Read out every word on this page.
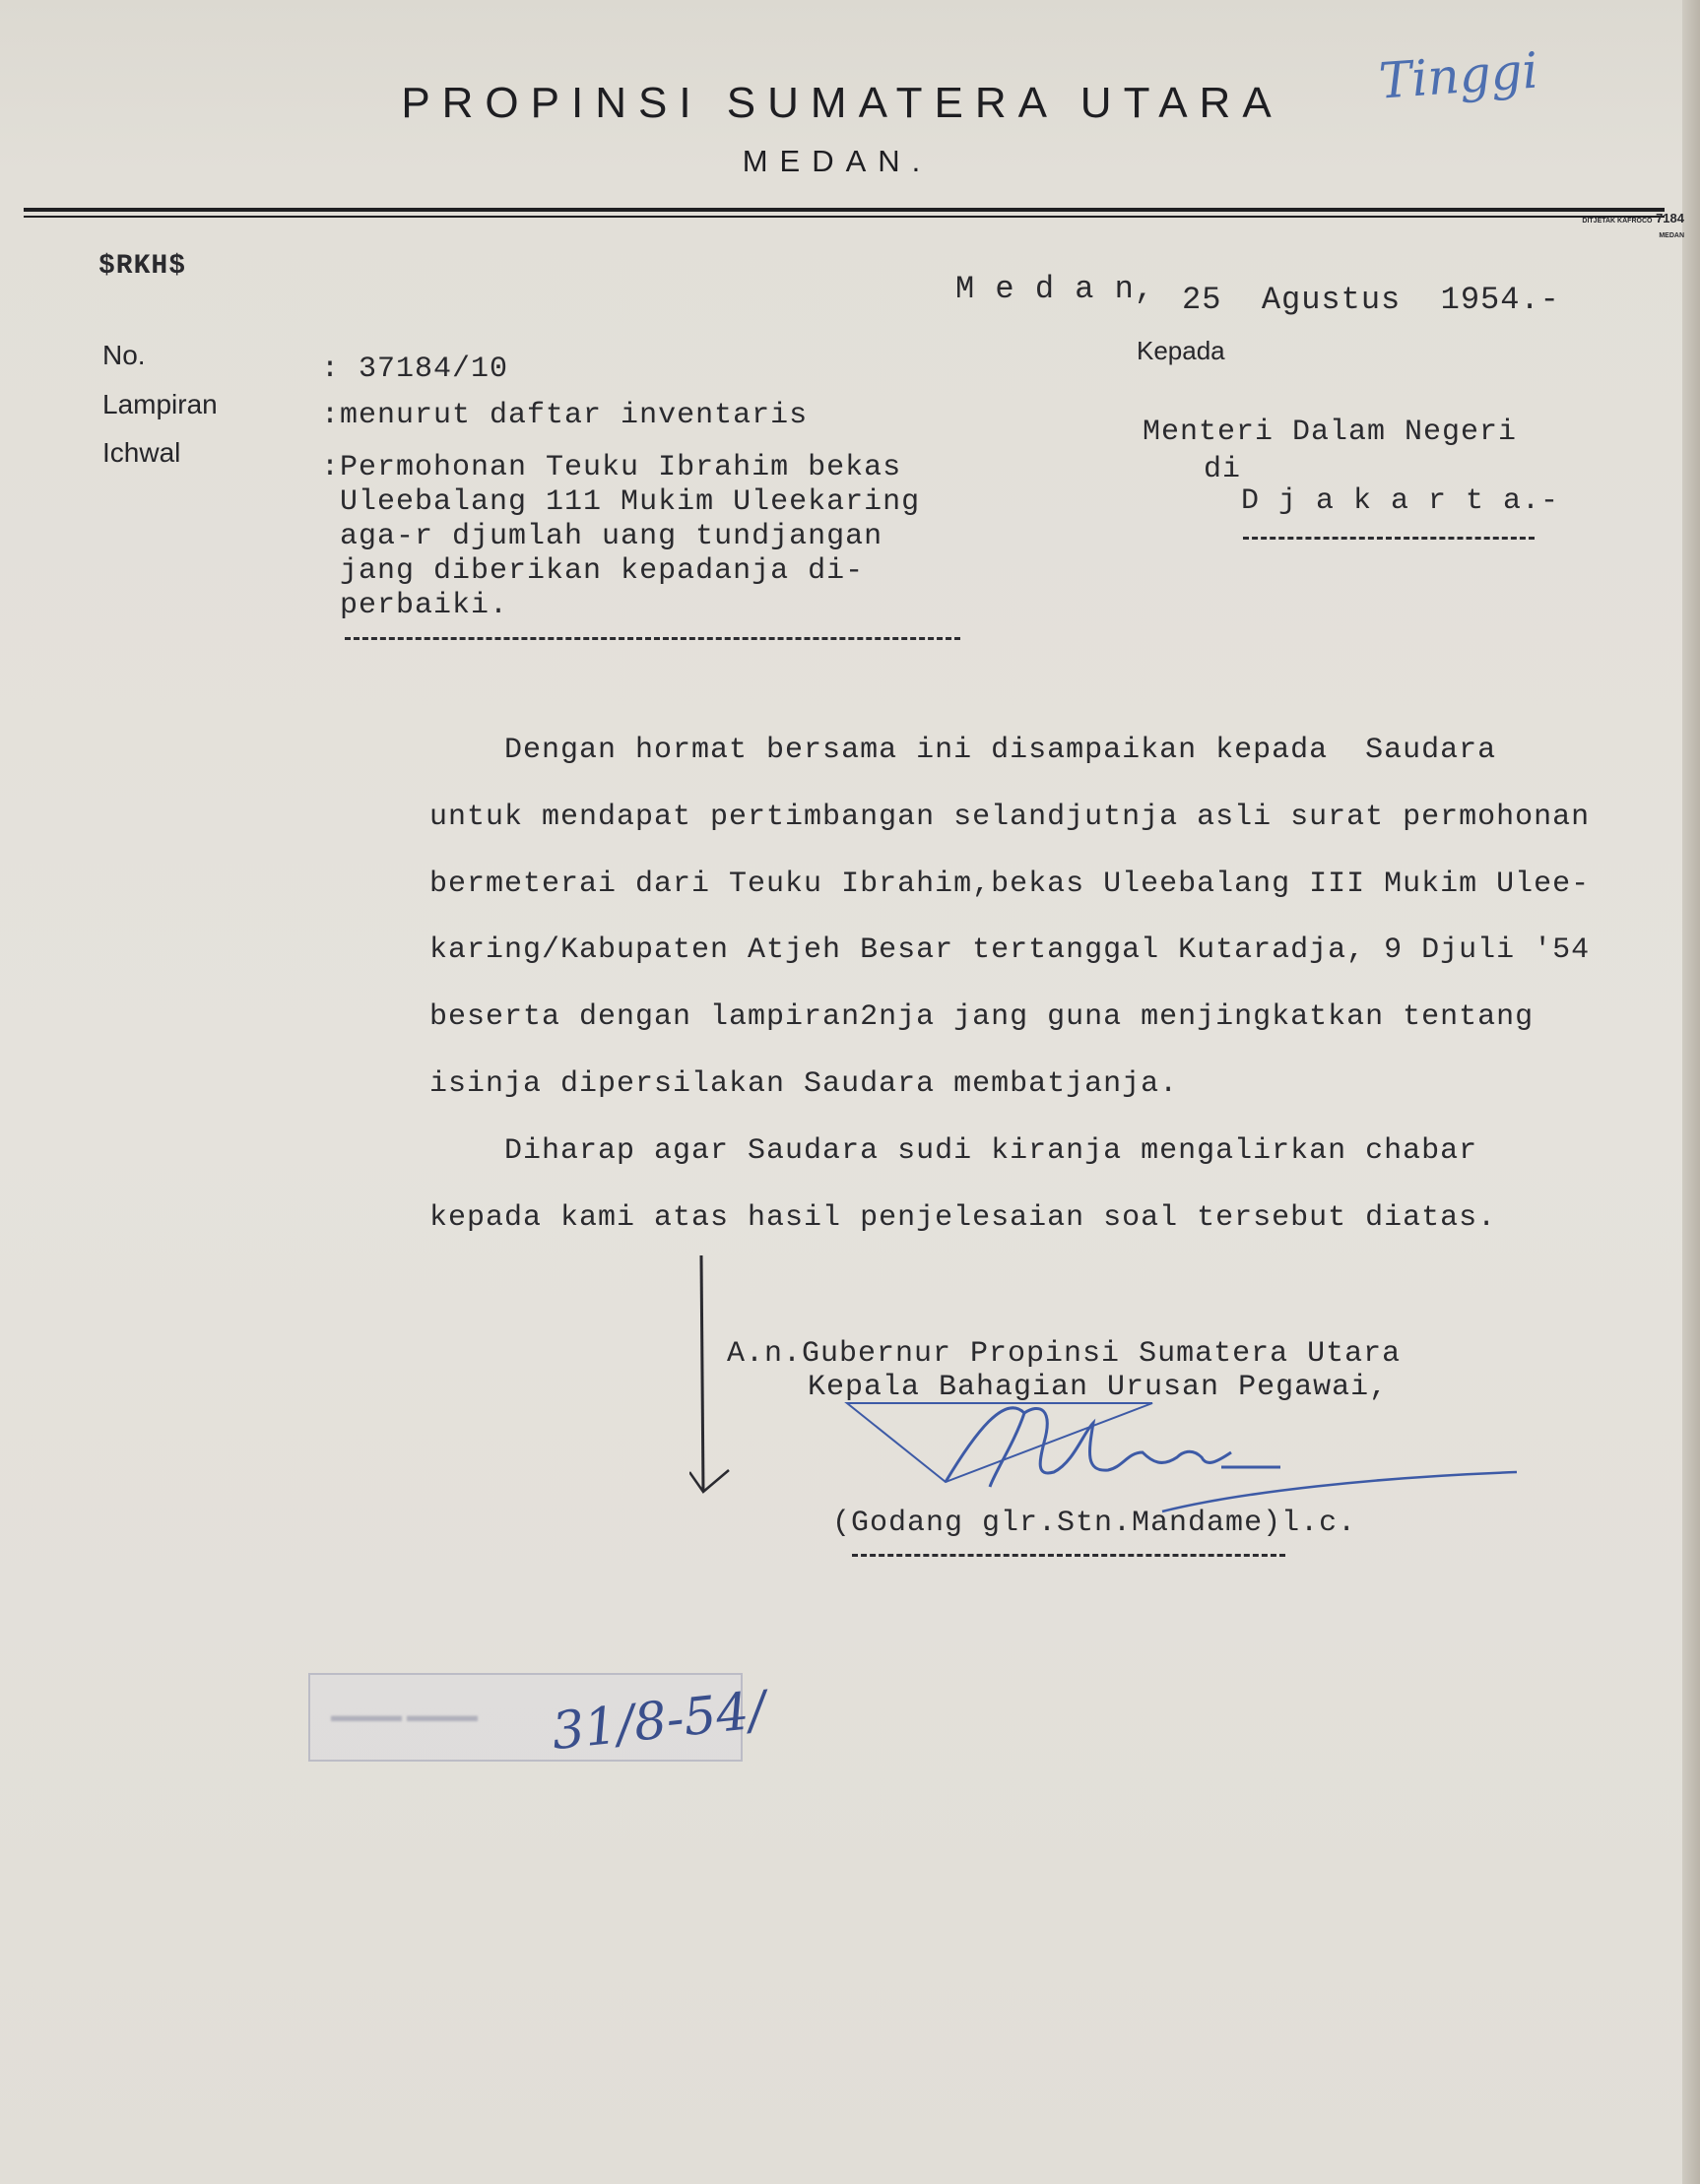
PROPINSI SUMATERA UTARA
MEDAN.
DITJETAK KAFROCO 7184
MEDAN
Tinggi
$RKH$
M e d a n, 25  Agustus  1954.-
No.
Lampiran
Ichwal
: 37184/10
:menurut daftar inventaris
:Permohonan Teuku Ibrahim bekas
Uleebalang 111 Mukim Uleekaring
aga-r djumlah uang tundjangan
jang diberikan kepadanja di-
perbaiki.
Kepada
Menteri Dalam Negeri
di
D j a k a r t a.-
Dengan hormat bersama ini disampaikan kepada  Saudara
untuk mendapat pertimbangan selandjutnja asli surat permohonan
bermeterai dari Teuku Ibrahim,bekas Uleebalang III Mukim Ulee-
karing/Kabupaten Atjeh Besar tertanggal Kutaradja, 9 Djuli '54
beserta dengan lampiran2nja jang guna menjingkatkan tentang
isinja dipersilakan Saudara membatjanja.
Diharap agar Saudara sudi kiranja mengalirkan chabar
kepada kami atas hasil penjelesaian soal tersebut diatas.
A.n.Gubernur Propinsi Sumatera Utara
Kepala Bahagian Urusan Pegawai,
(Godang glr.Stn.Mandame)l.c.
▬▬▬▬ ▬▬▬▬ 31/8-54/
